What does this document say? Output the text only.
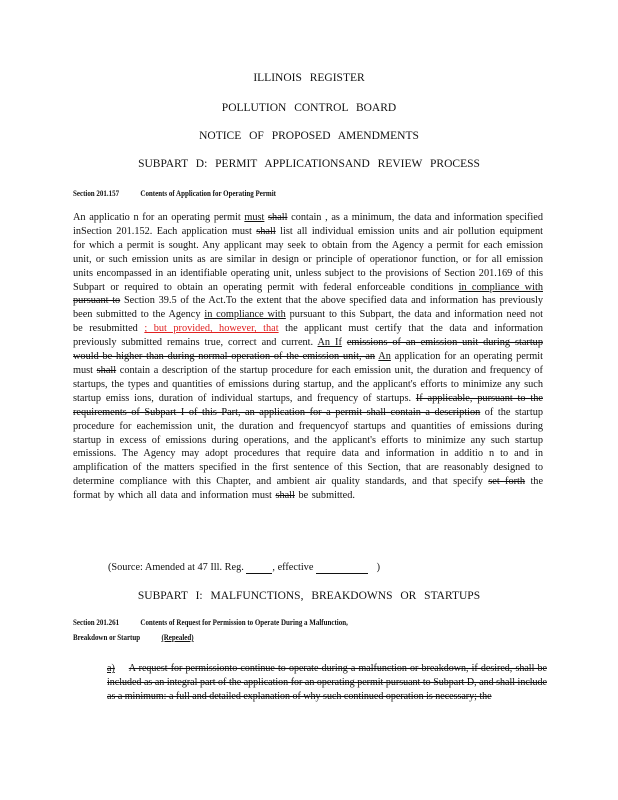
ILLINOIS REGISTER
POLLUTION CONTROL BOARD
NOTICE OF PROPOSED AMENDMENTS
SUBPART D: PERMIT APPLICATIONSAND REVIEW PROCESS
Section 201.157	Contents of Application for Operating Permit
An applicatio n for an operating permit must shall contain , as a minimum, the data and information specified inSection 201.152. Each application must shall list all individual emission units and air pollution equipment for which a permit is sought. Any applicant may seek to obtain from the Agency a permit for each emission unit, or such emission units as are similar in design or principle of operationor function, or for all emission units encompassed in an identifiable operating unit, unless subject to the provisions of Section 201.169 of this Subpart or required to obtain an operating permit with federal enforceable conditions in compliance with pursuant to Section 39.5 of the Act.To the extent that the above specified data and information has previously been submitted to the Agency in compliance with pursuant to this Subpart, the data and information need not be resubmitted ; but provided, however, that the applicant must certify that the data and information previously submitted remains true, correct and current. An If emissions of an emission unit during startup would be higher than during normal operation of the emission unit, an An application for an operating permit must shall contain a description of the startup procedure for each emission unit, the duration and frequency of startups, the types and quantities of emissions during startup, and the applicant's efforts to minimize any such startup emiss ions, duration of individual startups, and frequency of startups. If applicable, pursuant to the requirements of Subpart I of this Part, an application for a permit shall contain a description of the startup procedure for eachemission unit, the duration and frequencyof startups and quantities of emissions during startup in excess of emissions during operations, and the applicant's efforts to minimize any such startup emissions. The Agency may adopt procedures that require data and information in additio n to and in amplification of the matters specified in the first sentence of this Section, that are reasonably designed to determine compliance with this Chapter, and ambient air quality standards, and that specify set forth the format by which all data and information must shall be submitted.
(Source: Amended at 47 Ill. Reg.	, effective	)
SUBPART I: MALFUNCTIONS, BREAKDOWNS OR STARTUPS
Section 201.261	Contents of Request for Permission to Operate During a Malfunction,
Breakdown or Startup	(Repealed)
a) A request for permissionto continue to operate during a malfunction or breakdown, if desired, shall be included as an integral part of the application for an operating permit pursuant to Subpart D, and shall include as a minimum: a full and detailed explanation of why such continued operation is necessary; the
